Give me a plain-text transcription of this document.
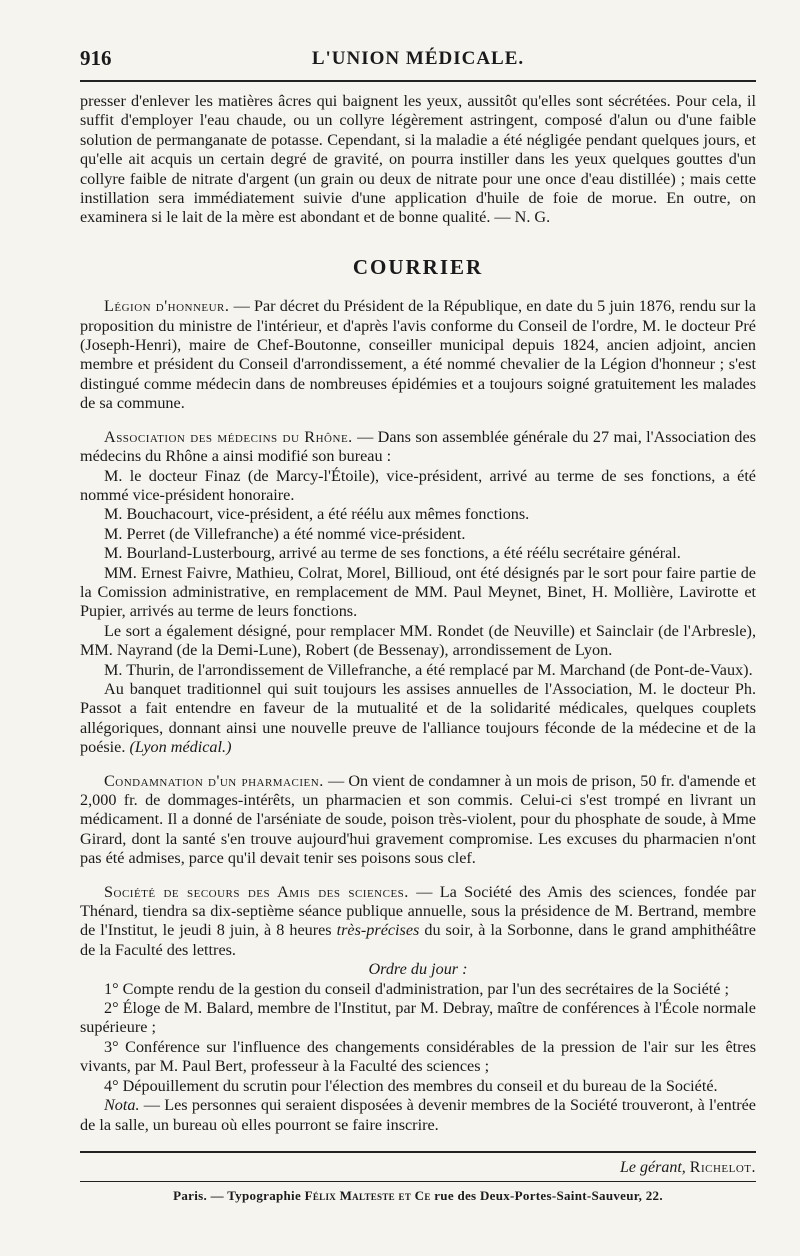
916	L'UNION MÉDICALE.

presser d'enlever les matières âcres qui baignent les yeux, aussitôt qu'elles sont sécrétées. Pour cela, il suffit d'employer l'eau chaude, ou un collyre légèrement astringent, composé d'alun ou d'une faible solution de permanganate de potasse. Cependant, si la maladie a été négligée pendant quelques jours, et qu'elle ait acquis un certain degré de gravité, on pourra instiller dans les yeux quelques gouttes d'un collyre faible de nitrate d'argent (un grain ou deux de nitrate pour une once d'eau distillée) ; mais cette instillation sera immédiatement suivie d'une application d'huile de foie de morue. En outre, on examinera si le lait de la mère est abondant et de bonne qualité. — N. G.

COURRIER

Légion d'honneur. — Par décret du Président de la République, en date du 5 juin 1876, rendu sur la proposition du ministre de l'intérieur, et d'après l'avis conforme du Conseil de l'ordre, M. le docteur Pré (Joseph-Henri), maire de Chef-Boutonne, conseiller municipal depuis 1824, ancien adjoint, ancien membre et président du Conseil d'arrondissement, a été nommé chevalier de la Légion d'honneur ; s'est distingué comme médecin dans de nombreuses épidémies et a toujours soigné gratuitement les malades de sa commune.

Association des médecins du Rhône. — Dans son assemblée générale du 27 mai, l'Association des médecins du Rhône a ainsi modifié son bureau :

M. le docteur Finaz (de Marcy-l'Étoile), vice-président, arrivé au terme de ses fonctions, a été nommé vice-président honoraire.

M. Bouchacourt, vice-président, a été réélu aux mêmes fonctions.

M. Perret (de Villefranche) a été nommé vice-président.

M. Bourland-Lusterbourg, arrivé au terme de ses fonctions, a été réélu secrétaire général.

MM. Ernest Faivre, Mathieu, Colrat, Morel, Billioud, ont été désignés par le sort pour faire partie de la Comission administrative, en remplacement de MM. Paul Meynet, Binet, H. Mollière, Lavirotte et Pupier, arrivés au terme de leurs fonctions.

Le sort a également désigné, pour remplacer MM. Rondet (de Neuville) et Sainclair (de l'Arbresle), MM. Nayrand (de la Demi-Lune), Robert (de Bessenay), arrondissement de Lyon.

M. Thurin, de l'arrondissement de Villefranche, a été remplacé par M. Marchand (de Pont-de-Vaux).

Au banquet traditionnel qui suit toujours les assises annuelles de l'Association, M. le docteur Ph. Passot a fait entendre en faveur de la mutualité et de la solidarité médicales, quelques couplets allégoriques, donnant ainsi une nouvelle preuve de l'alliance toujours féconde de la médecine et de la poésie. (Lyon médical.)

Condamnation d'un pharmacien. — On vient de condamner à un mois de prison, 50 fr. d'amende et 2,000 fr. de dommages-intérêts, un pharmacien et son commis. Celui-ci s'est trompé en livrant un médicament. Il a donné de l'arséniate de soude, poison très-violent, pour du phosphate de soude, à Mme Girard, dont la santé s'en trouve aujourd'hui gravement compromise. Les excuses du pharmacien n'ont pas été admises, parce qu'il devait tenir ses poisons sous clef.

Société de secours des Amis des sciences. — La Société des Amis des sciences, fondée par Thénard, tiendra sa dix-septième séance publique annuelle, sous la présidence de M. Bertrand, membre de l'Institut, le jeudi 8 juin, à 8 heures très-précises du soir, à la Sorbonne, dans le grand amphithéâtre de la Faculté des lettres.

Ordre du jour :

1° Compte rendu de la gestion du conseil d'administration, par l'un des secrétaires de la Société ;

2° Éloge de M. Balard, membre de l'Institut, par M. Debray, maître de conférences à l'École normale supérieure ;

3° Conférence sur l'influence des changements considérables de la pression de l'air sur les êtres vivants, par M. Paul Bert, professeur à la Faculté des sciences ;

4° Dépouillement du scrutin pour l'élection des membres du conseil et du bureau de la Société.

Nota. — Les personnes qui seraient disposées à devenir membres de la Société trouveront, à l'entrée de la salle, un bureau où elles pourront se faire inscrire.

Le gérant, Richelot.
Paris. — Typographie Félix Malteste et Ce rue des Deux-Portes-Saint-Sauveur, 22.
